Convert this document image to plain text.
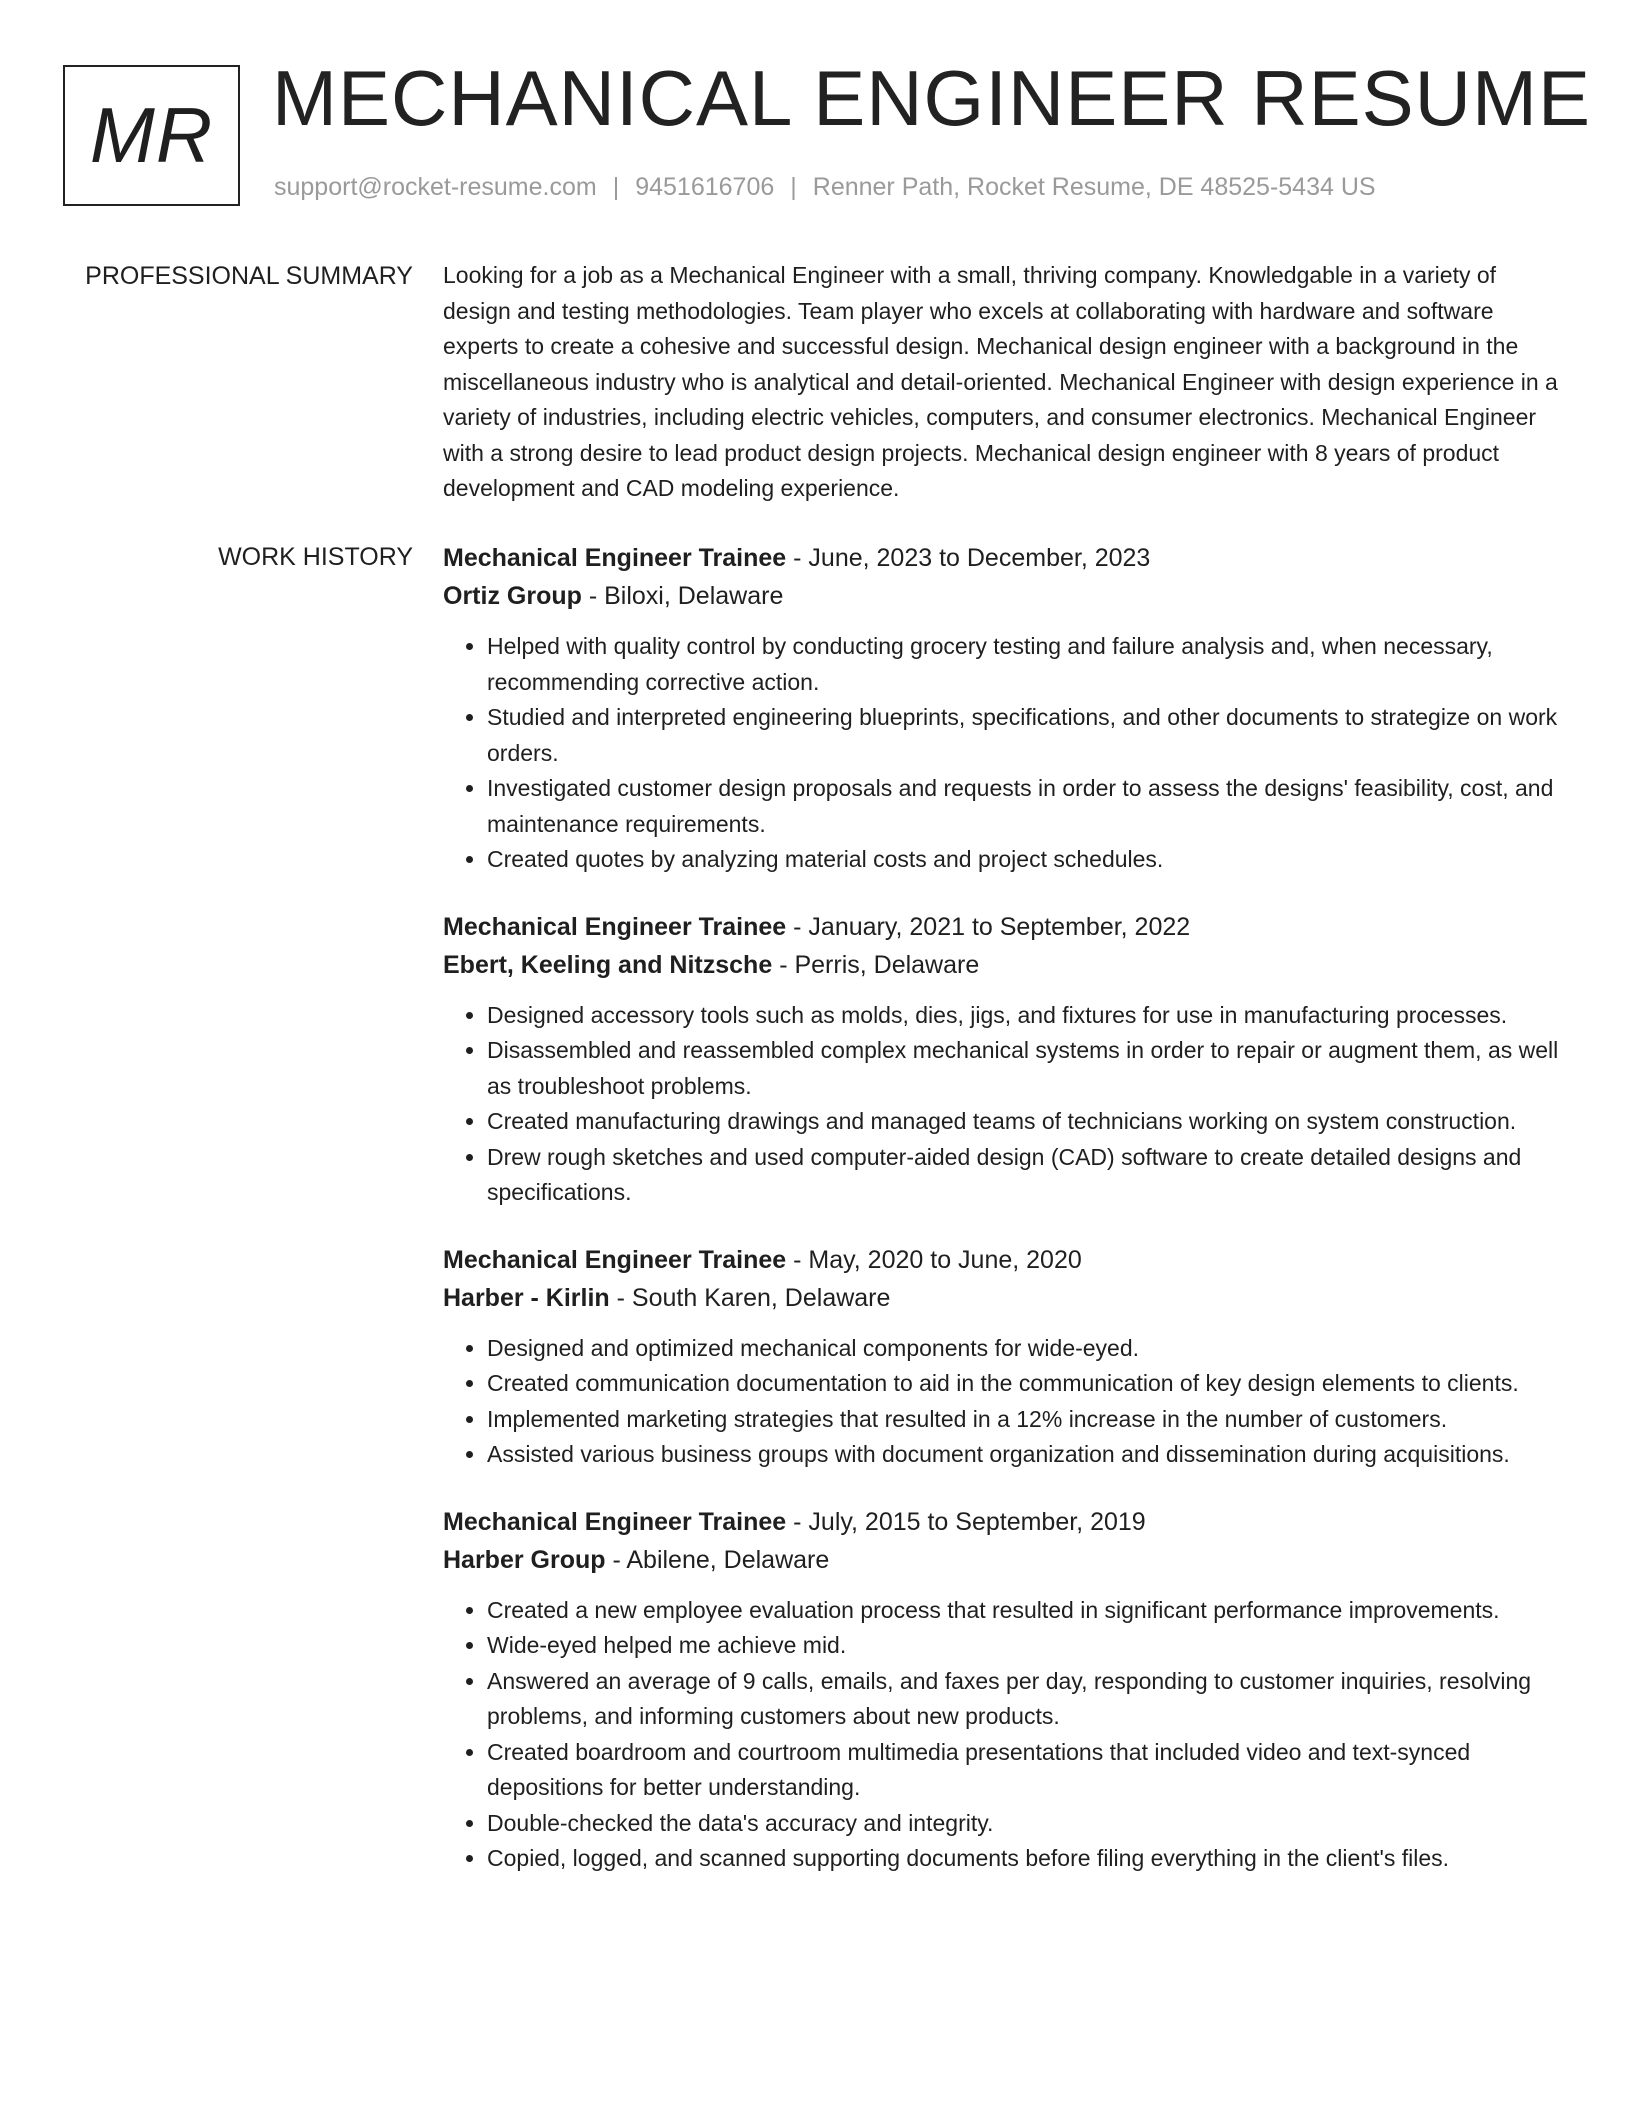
MR MECHANICAL ENGINEER RESUME
support@rocket-resume.com | 9451616706 | Renner Path, Rocket Resume, DE 48525-5434 US
PROFESSIONAL SUMMARY Looking for a job as a Mechanical Engineer with a small, thriving company. Knowledgable in a variety of design and testing methodologies. Team player who excels at collaborating with hardware and software experts to create a cohesive and successful design. Mechanical design engineer with a background in the miscellaneous industry who is analytical and detail-oriented. Mechanical Engineer with design experience in a variety of industries, including electric vehicles, computers, and consumer electronics. Mechanical Engineer with a strong desire to lead product design projects. Mechanical design engineer with 8 years of product development and CAD modeling experience.

WORK HISTORY Mechanical Engineer Trainee - June, 2023 to December, 2023
Ortiz Group - Biloxi, Delaware
• Helped with quality control by conducting grocery testing and failure analysis and, when necessary, recommending corrective action.
• Studied and interpreted engineering blueprints, specifications, and other documents to strategize on work orders.
• Investigated customer design proposals and requests in order to assess the designs' feasibility, cost, and maintenance requirements.
• Created quotes by analyzing material costs and project schedules.
Mechanical Engineer Trainee - January, 2021 to September, 2022
Ebert, Keeling and Nitzsche - Perris, Delaware
• Designed accessory tools such as molds, dies, jigs, and fixtures for use in manufacturing processes.
• Disassembled and reassembled complex mechanical systems in order to repair or augment them, as well as troubleshoot problems.
• Created manufacturing drawings and managed teams of technicians working on system construction.
• Drew rough sketches and used computer-aided design (CAD) software to create detailed designs and specifications.
Mechanical Engineer Trainee - May, 2020 to June, 2020
Harber - Kirlin - South Karen, Delaware
• Designed and optimized mechanical components for wide-eyed.
• Created communication documentation to aid in the communication of key design elements to clients.
• Implemented marketing strategies that resulted in a 12% increase in the number of customers.
• Assisted various business groups with document organization and dissemination during acquisitions.
Mechanical Engineer Trainee - July, 2015 to September, 2019
Harber Group - Abilene, Delaware
• Created a new employee evaluation process that resulted in significant performance improvements.
• Wide-eyed helped me achieve mid.
• Answered an average of 9 calls, emails, and faxes per day, responding to customer inquiries, resolving problems, and informing customers about new products.
• Created boardroom and courtroom multimedia presentations that included video and text-synced depositions for better understanding.
• Double-checked the data's accuracy and integrity.
• Copied, logged, and scanned supporting documents before filing everything in the client's files.
